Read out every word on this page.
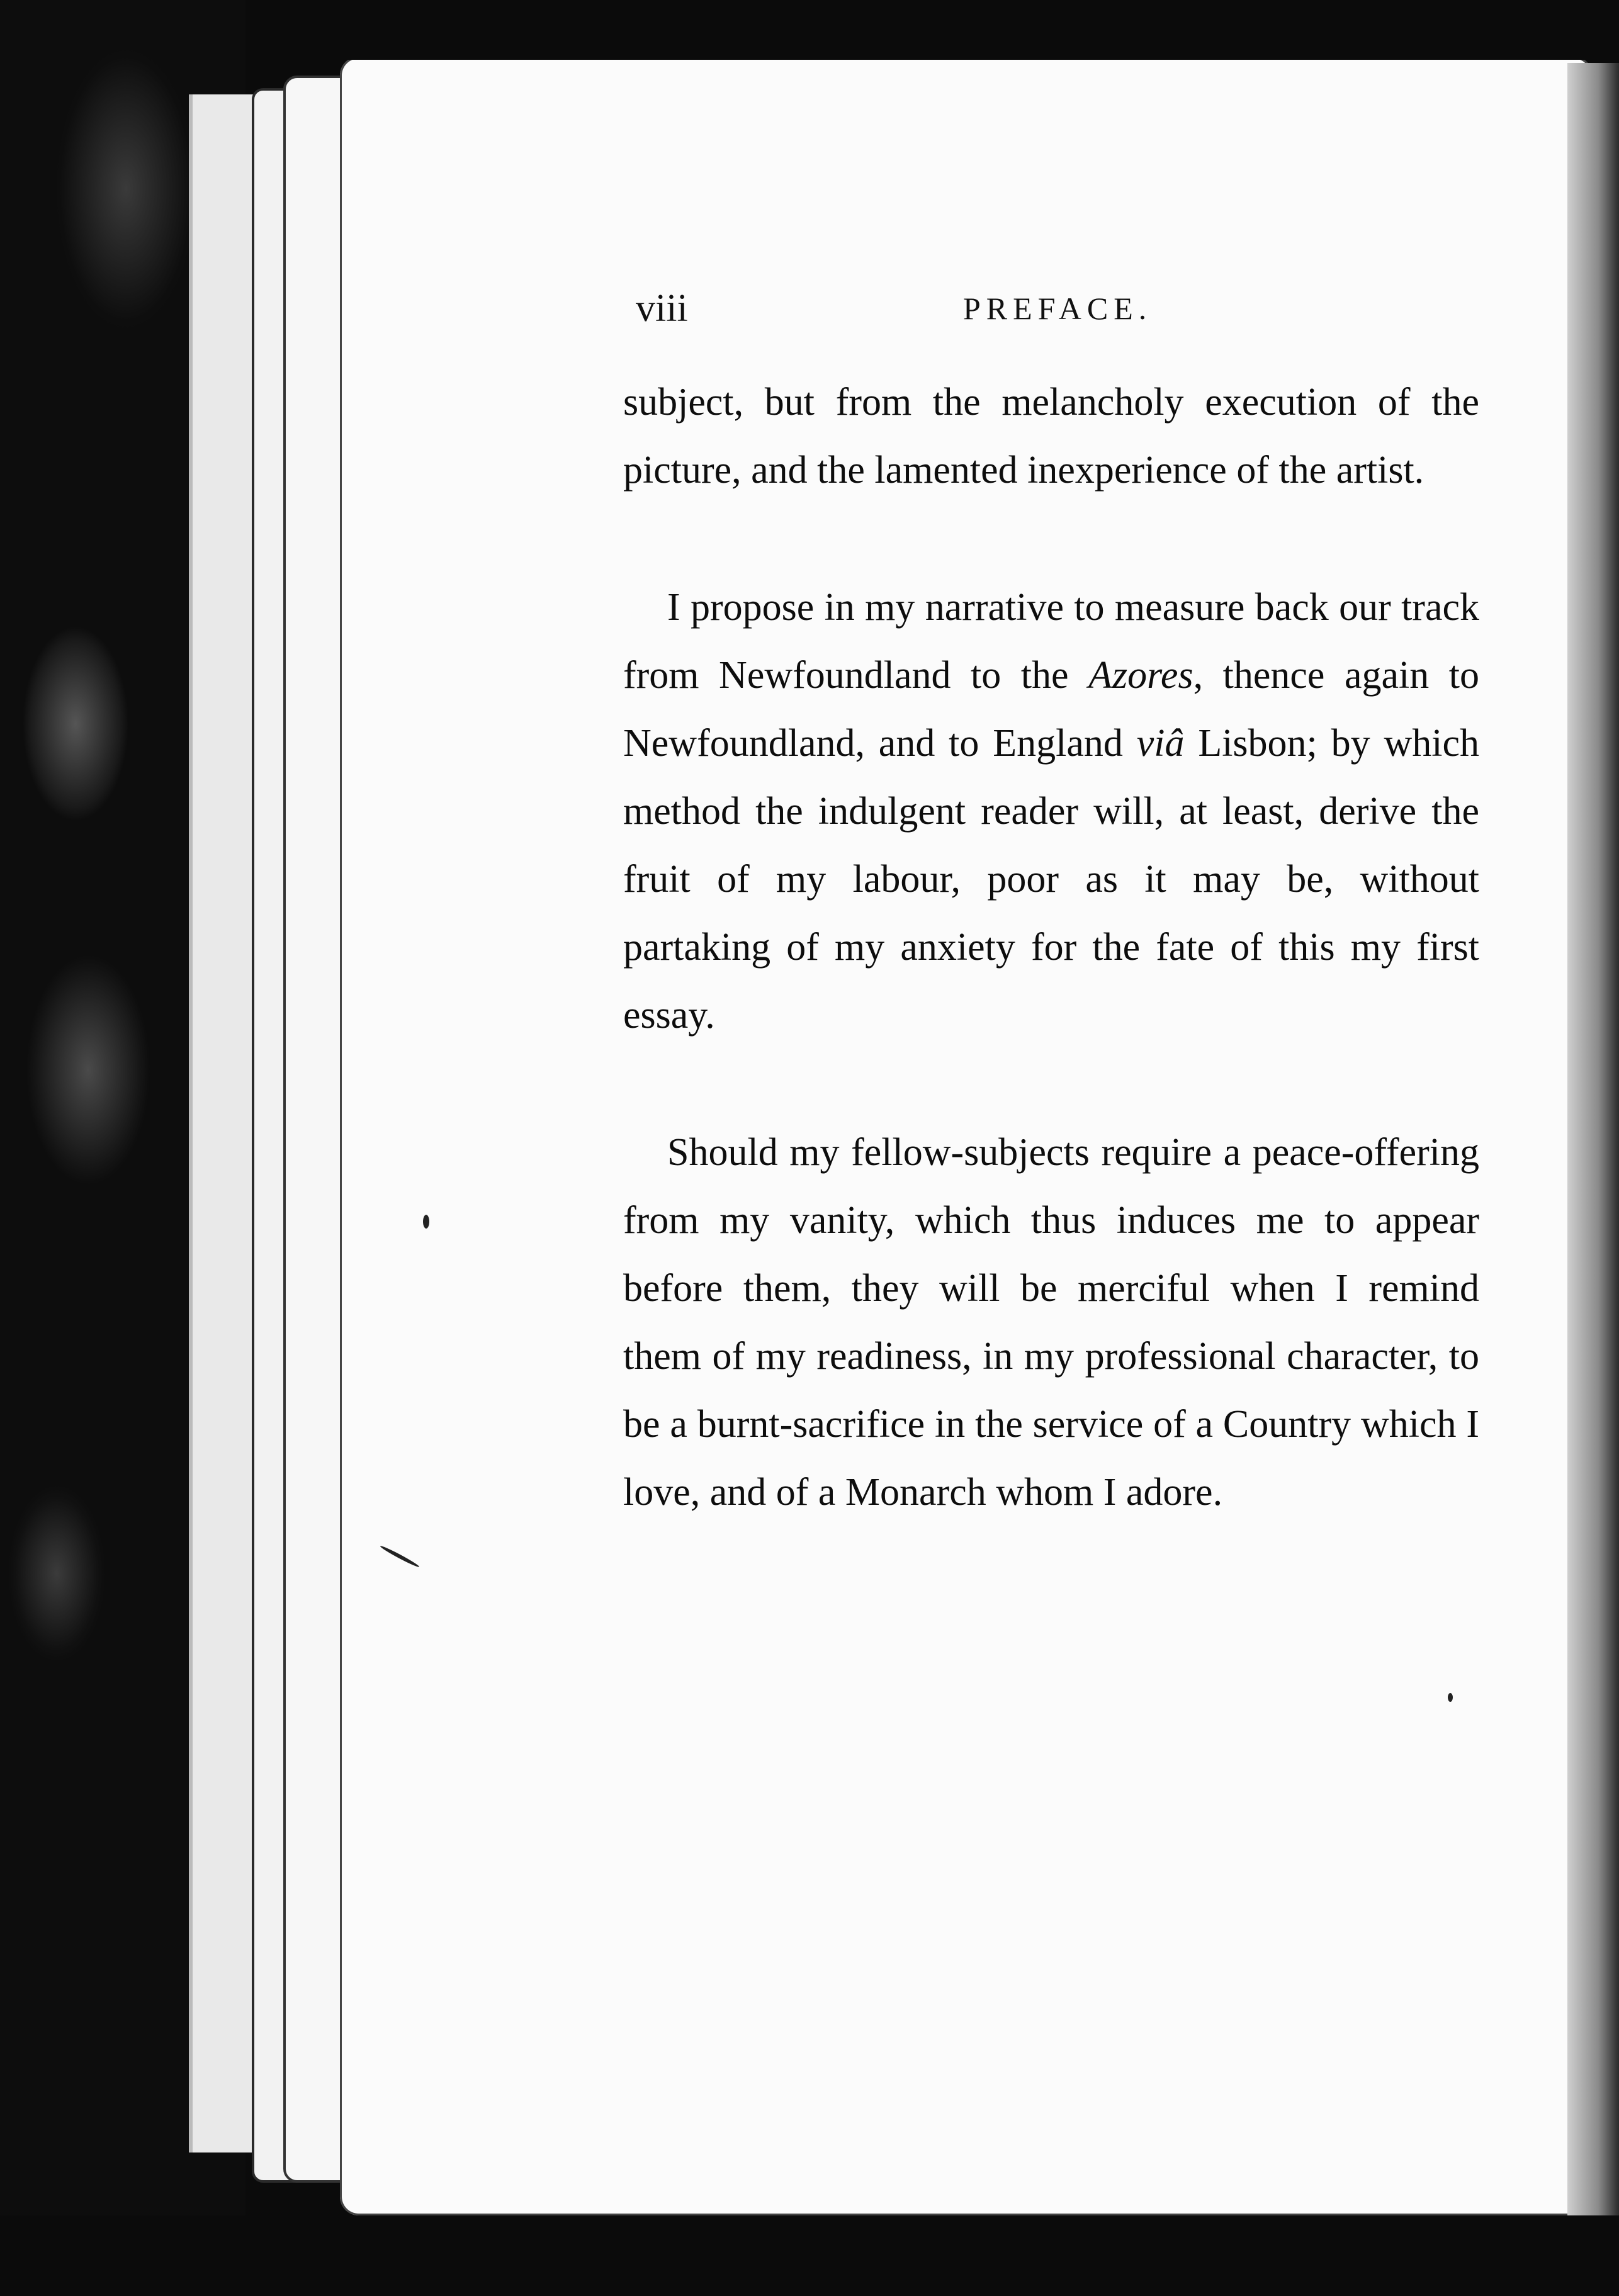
viii	PREFACE.

subject, but from the melancholy execution of the picture, and the lamented inexperience of the artist.

I propose in my narrative to measure back our track from Newfoundland to the Azores, thence again to Newfoundland, and to England viâ Lisbon; by which method the indulgent reader will, at least, derive the fruit of my labour, poor as it may be, without partaking of my anxiety for the fate of this my first essay.

Should my fellow-subjects require a peace-offering from my vanity, which thus induces me to appear before them, they will be merciful when I remind them of my readiness, in my professional character, to be a burnt-sacrifice in the service of a Country which I love, and of a Monarch whom I adore.
